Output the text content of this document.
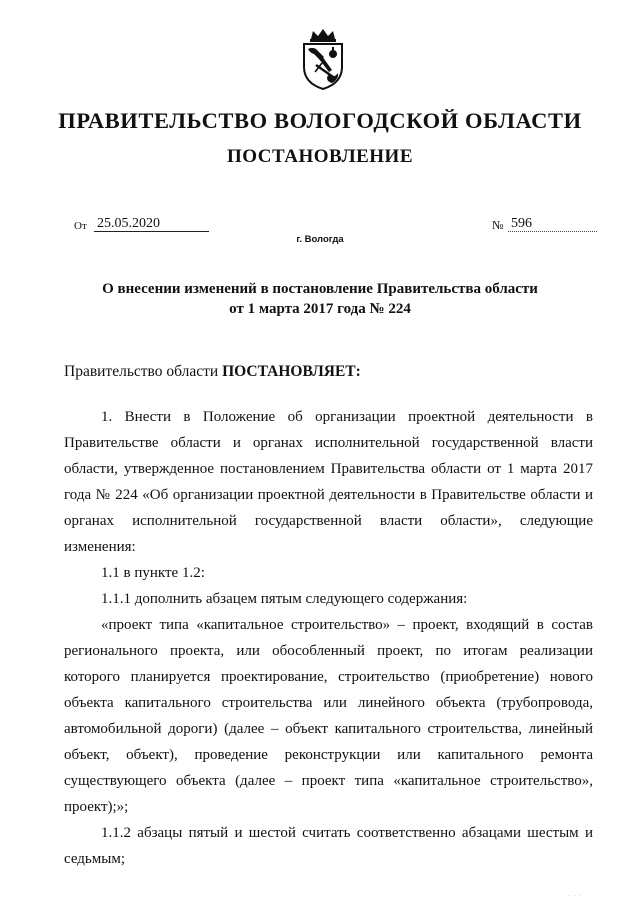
ПРАВИТЕЛЬСТВО ВОЛОГОДСКОЙ ОБЛАСТИ
ПОСТАНОВЛЕНИЕ
От 25.05.2020	№ 596
г. Вологда
О внесении изменений в постановление Правительства области
от 1 марта 2017 года № 224
Правительство области ПОСТАНОВЛЯЕТ:

1. Внести в Положение об организации проектной деятельности в Правительстве области и органах исполнительной государственной власти области, утвержденное постановлением Правительства области от 1 марта 2017 года № 224 «Об организации проектной деятельности в Правительстве области и органах исполнительной государственной власти области», следующие изменения:

1.1 в пункте 1.2:

1.1.1 дополнить абзацем пятым следующего содержания:

«проект типа «капитальное строительство» – проект, входящий в состав регионального проекта, или обособленный проект, по итогам реализации которого планируется проектирование, строительство (приобретение) нового объекта капитального строительства или линейного объекта (трубопровода, автомобильной дороги) (далее – объект капитального строительства, линейный объект, объект), проведение реконструкции или капитального ремонта существующего объекта (далее – проект типа «капитальное строительство», проект);»;

1.1.2 абзацы пятый и шестой считать соответственно абзацами шестым и седьмым;

· · ·
